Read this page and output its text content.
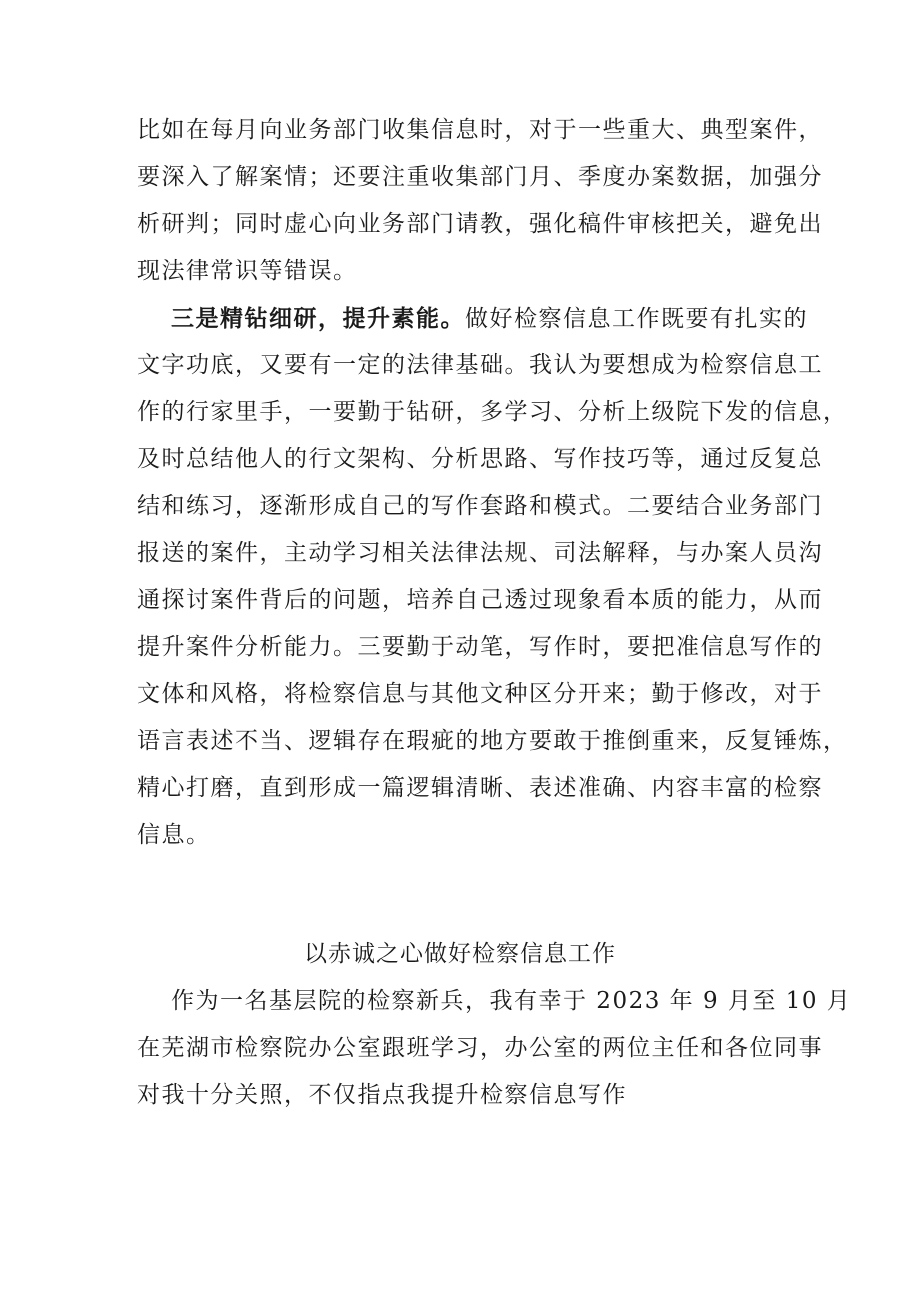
比如在每月向业务部门收集信息时，对于一些重大、典型案件，
要深入了解案情；还要注重收集部门月、季度办案数据，加强分
析研判；同时虚心向业务部门请教，强化稿件审核把关，避免出
现法律常识等错误。
三是精钻细研，提升素能。做好检察信息工作既要有扎实的
文字功底，又要有一定的法律基础。我认为要想成为检察信息工
作的行家里手，一要勤于钻研，多学习、分析上级院下发的信息，
及时总结他人的行文架构、分析思路、写作技巧等，通过反复总
结和练习，逐渐形成自己的写作套路和模式。二要结合业务部门
报送的案件，主动学习相关法律法规、司法解释，与办案人员沟
通探讨案件背后的问题，培养自己透过现象看本质的能力，从而
提升案件分析能力。三要勤于动笔，写作时，要把准信息写作的
文体和风格，将检察信息与其他文种区分开来；勤于修改，对于
语言表述不当、逻辑存在瑕疵的地方要敢于推倒重来，反复锤炼，
精心打磨，直到形成一篇逻辑清晰、表述准确、内容丰富的检察
信息。
以赤诚之心做好检察信息工作
作为一名基层院的检察新兵，我有幸于 2023 年 9 月至 10 月
在芜湖市检察院办公室跟班学习，办公室的两位主任和各位同事
对我十分关照，不仅指点我提升检察信息写作
